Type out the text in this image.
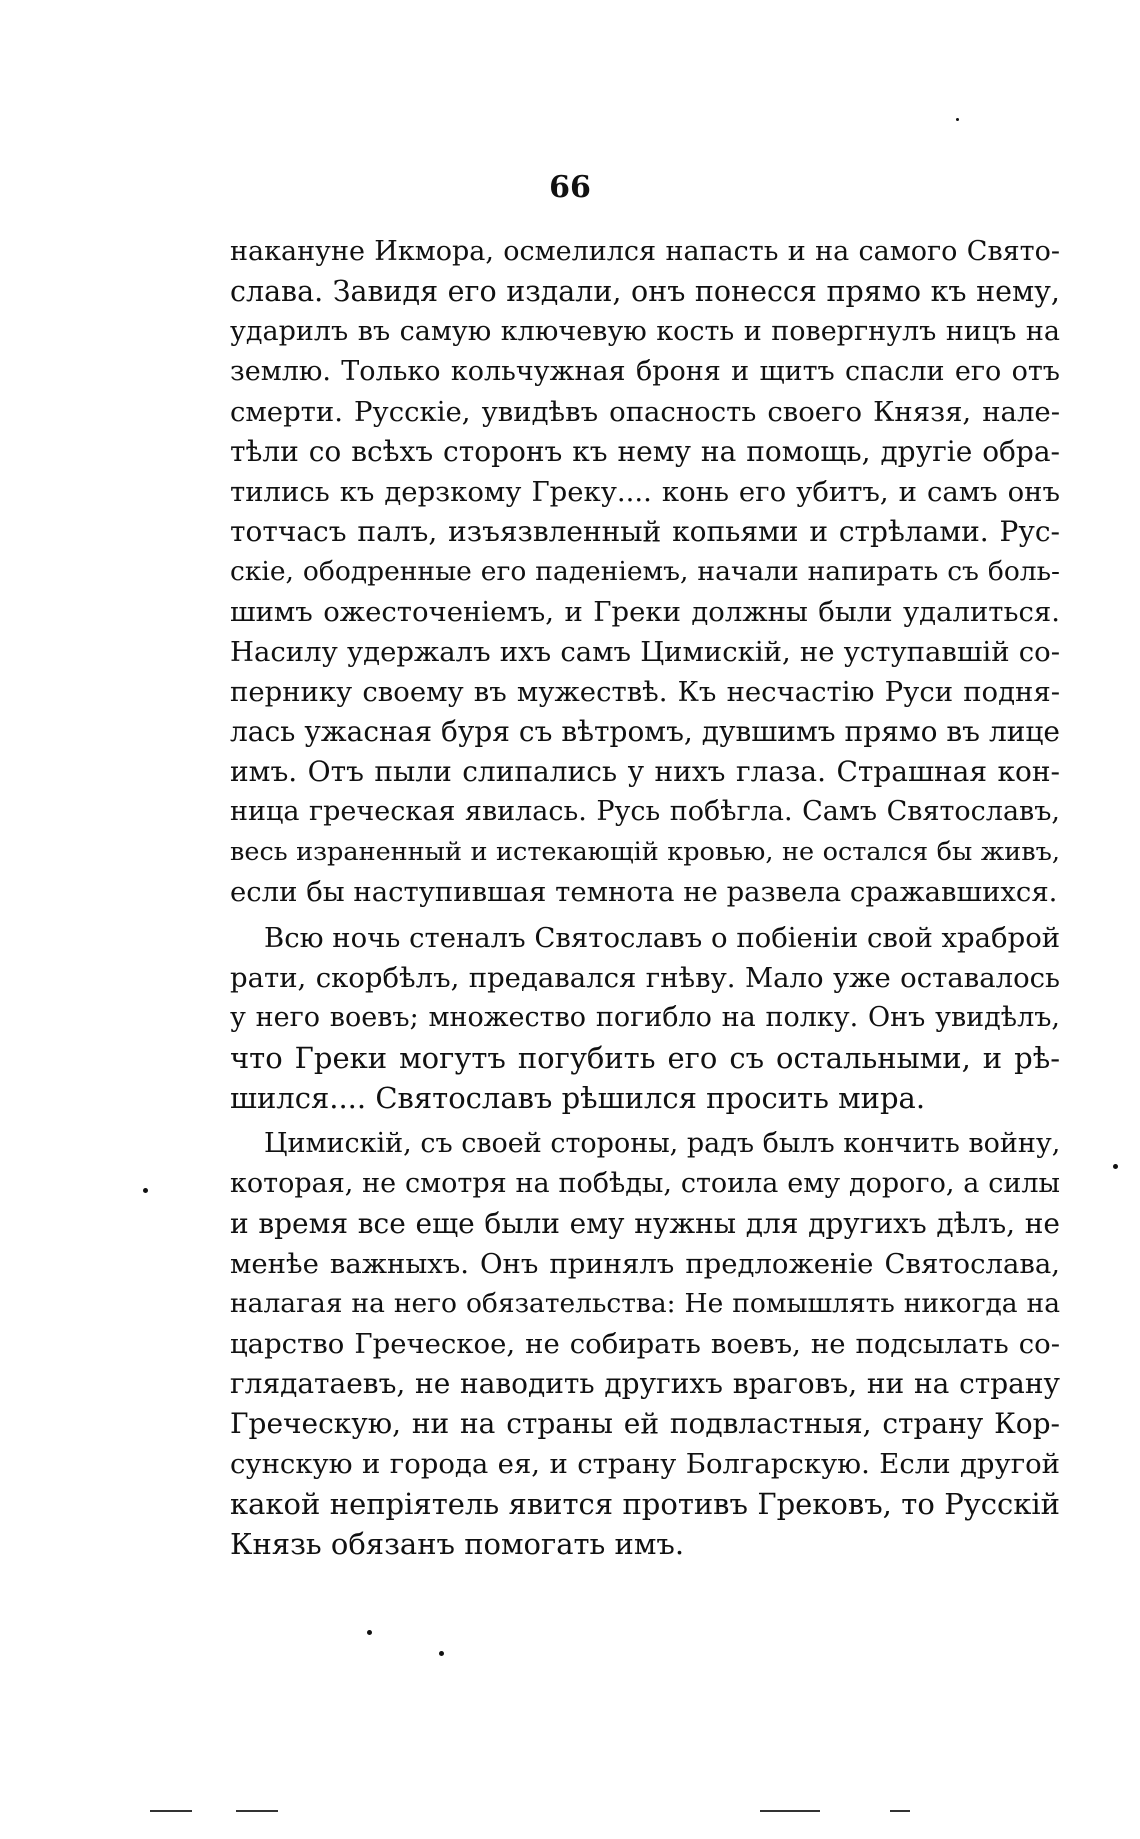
66
накануне Икмора, осмелился напасть и на самого Свято-
слава. Завидя его издали, онъ понесся прямо къ нему,
ударилъ въ самую ключевую кость и повергнулъ ницъ на
землю. Только кольчужная броня и щитъ спасли его отъ
смерти. Русскіе, увидѣвъ опасность своего Князя, нале-
тѣли со всѣхъ сторонъ къ нему на помощь, другіе обра-
тились къ дерзкому Греку.... конь его убитъ, и самъ онъ
тотчасъ палъ, изъязвленный копьями и стрѣлами. Рус-
скіе, ободренные его паденіемъ, начали напирать съ боль-
шимъ ожесточеніемъ, и Греки должны были удалиться.
Насилу удержалъ ихъ самъ Цимискій, не уступавшій со-
пернику своему въ мужествѣ. Къ несчастію Руси подня-
лась ужасная буря съ вѣтромъ, дувшимъ прямо въ лице
имъ. Отъ пыли слипались у нихъ глаза. Страшная кон-
ница греческая явилась. Русь побѣгла. Самъ Святославъ,
весь израненный и истекающій кровью, не остался бы живъ,
если бы наступившая темнота не развела сражавшихся.
Всю ночь стеналъ Святославъ о побіеніи свой храброй
рати, скорбѣлъ, предавался гнѣву. Мало уже оставалось
у него воевъ; множество погибло на полку. Онъ увидѣлъ,
что Греки могутъ погубить его съ остальными, и рѣ-
шился.... Святославъ рѣшился просить мира.
Цимискій, съ своей стороны, радъ былъ кончить войну,
которая, не смотря на побѣды, стоила ему дорого, а силы
и время все еще были ему нужны для другихъ дѣлъ, не
менѣе важныхъ. Онъ принялъ предложеніе Святослава,
налагая на него обязательства: Не помышлять никогда на
царство Греческое, не собирать воевъ, не подсылать со-
глядатаевъ, не наводить другихъ враговъ, ни на страну
Греческую, ни на страны ей подвластныя, страну Кор-
сунскую и города ея, и страну Болгарскую. Если другой
какой непріятель явится противъ Грековъ, то Русскій
Князь обязанъ помогать имъ.
